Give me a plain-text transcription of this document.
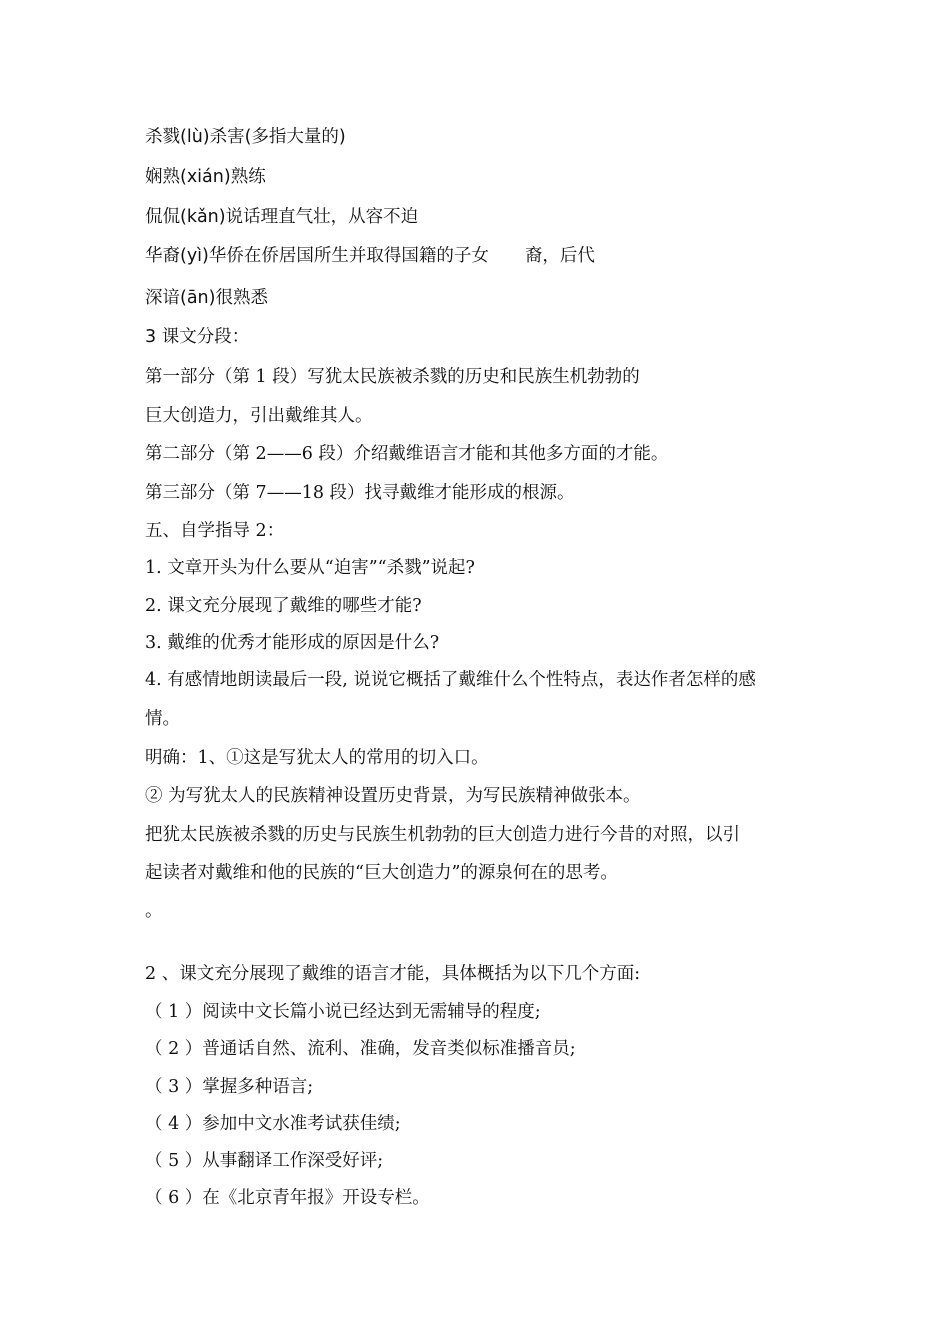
杀戮(lù)杀害(多指大量的)
娴熟(xián)熟练
侃侃(kǎn)说话理直气壮，从容不迫
华裔(yì)华侨在侨居国所生并取得国籍的子女 裔，后代
深谙(ān)很熟悉
3 课文分段：
第一部分（第 1 段）写犹太民族被杀戮的历史和民族生机勃勃的
巨大创造力，引出戴维其人。
第二部分（第 2——6 段）介绍戴维语言才能和其他多方面的才能。
第三部分（第 7——18 段）找寻戴维才能形成的根源。
五、自学指导 2：
1. 文章开头为什么要从“迫害”“杀戮”说起?
2. 课文充分展现了戴维的哪些才能?
3. 戴维的优秀才能形成的原因是什么?
4. 有感情地朗读最后一段, 说说它概括了戴维什么个性特点，表达作者怎样的感
情。
明确：1、①这是写犹太人的常用的切入口。
② 为写犹太人的民族精神设置历史背景，为写民族精神做张本。
把犹太民族被杀戮的历史与民族生机勃勃的巨大创造力进行今昔的对照，以引
起读者对戴维和他的民族的“巨大创造力”的源泉何在的思考。
。
2 、课文充分展现了戴维的语言才能，具体概括为以下几个方面:
（ 1 ）阅读中文长篇小说已经达到无需辅导的程度;
（ 2 ）普通话自然、流利、准确，发音类似标准播音员;
（ 3 ）掌握多种语言;
（ 4 ）参加中文水准考试获佳绩;
（ 5 ）从事翻译工作深受好评;
（ 6 ）在《北京青年报》开设专栏。
